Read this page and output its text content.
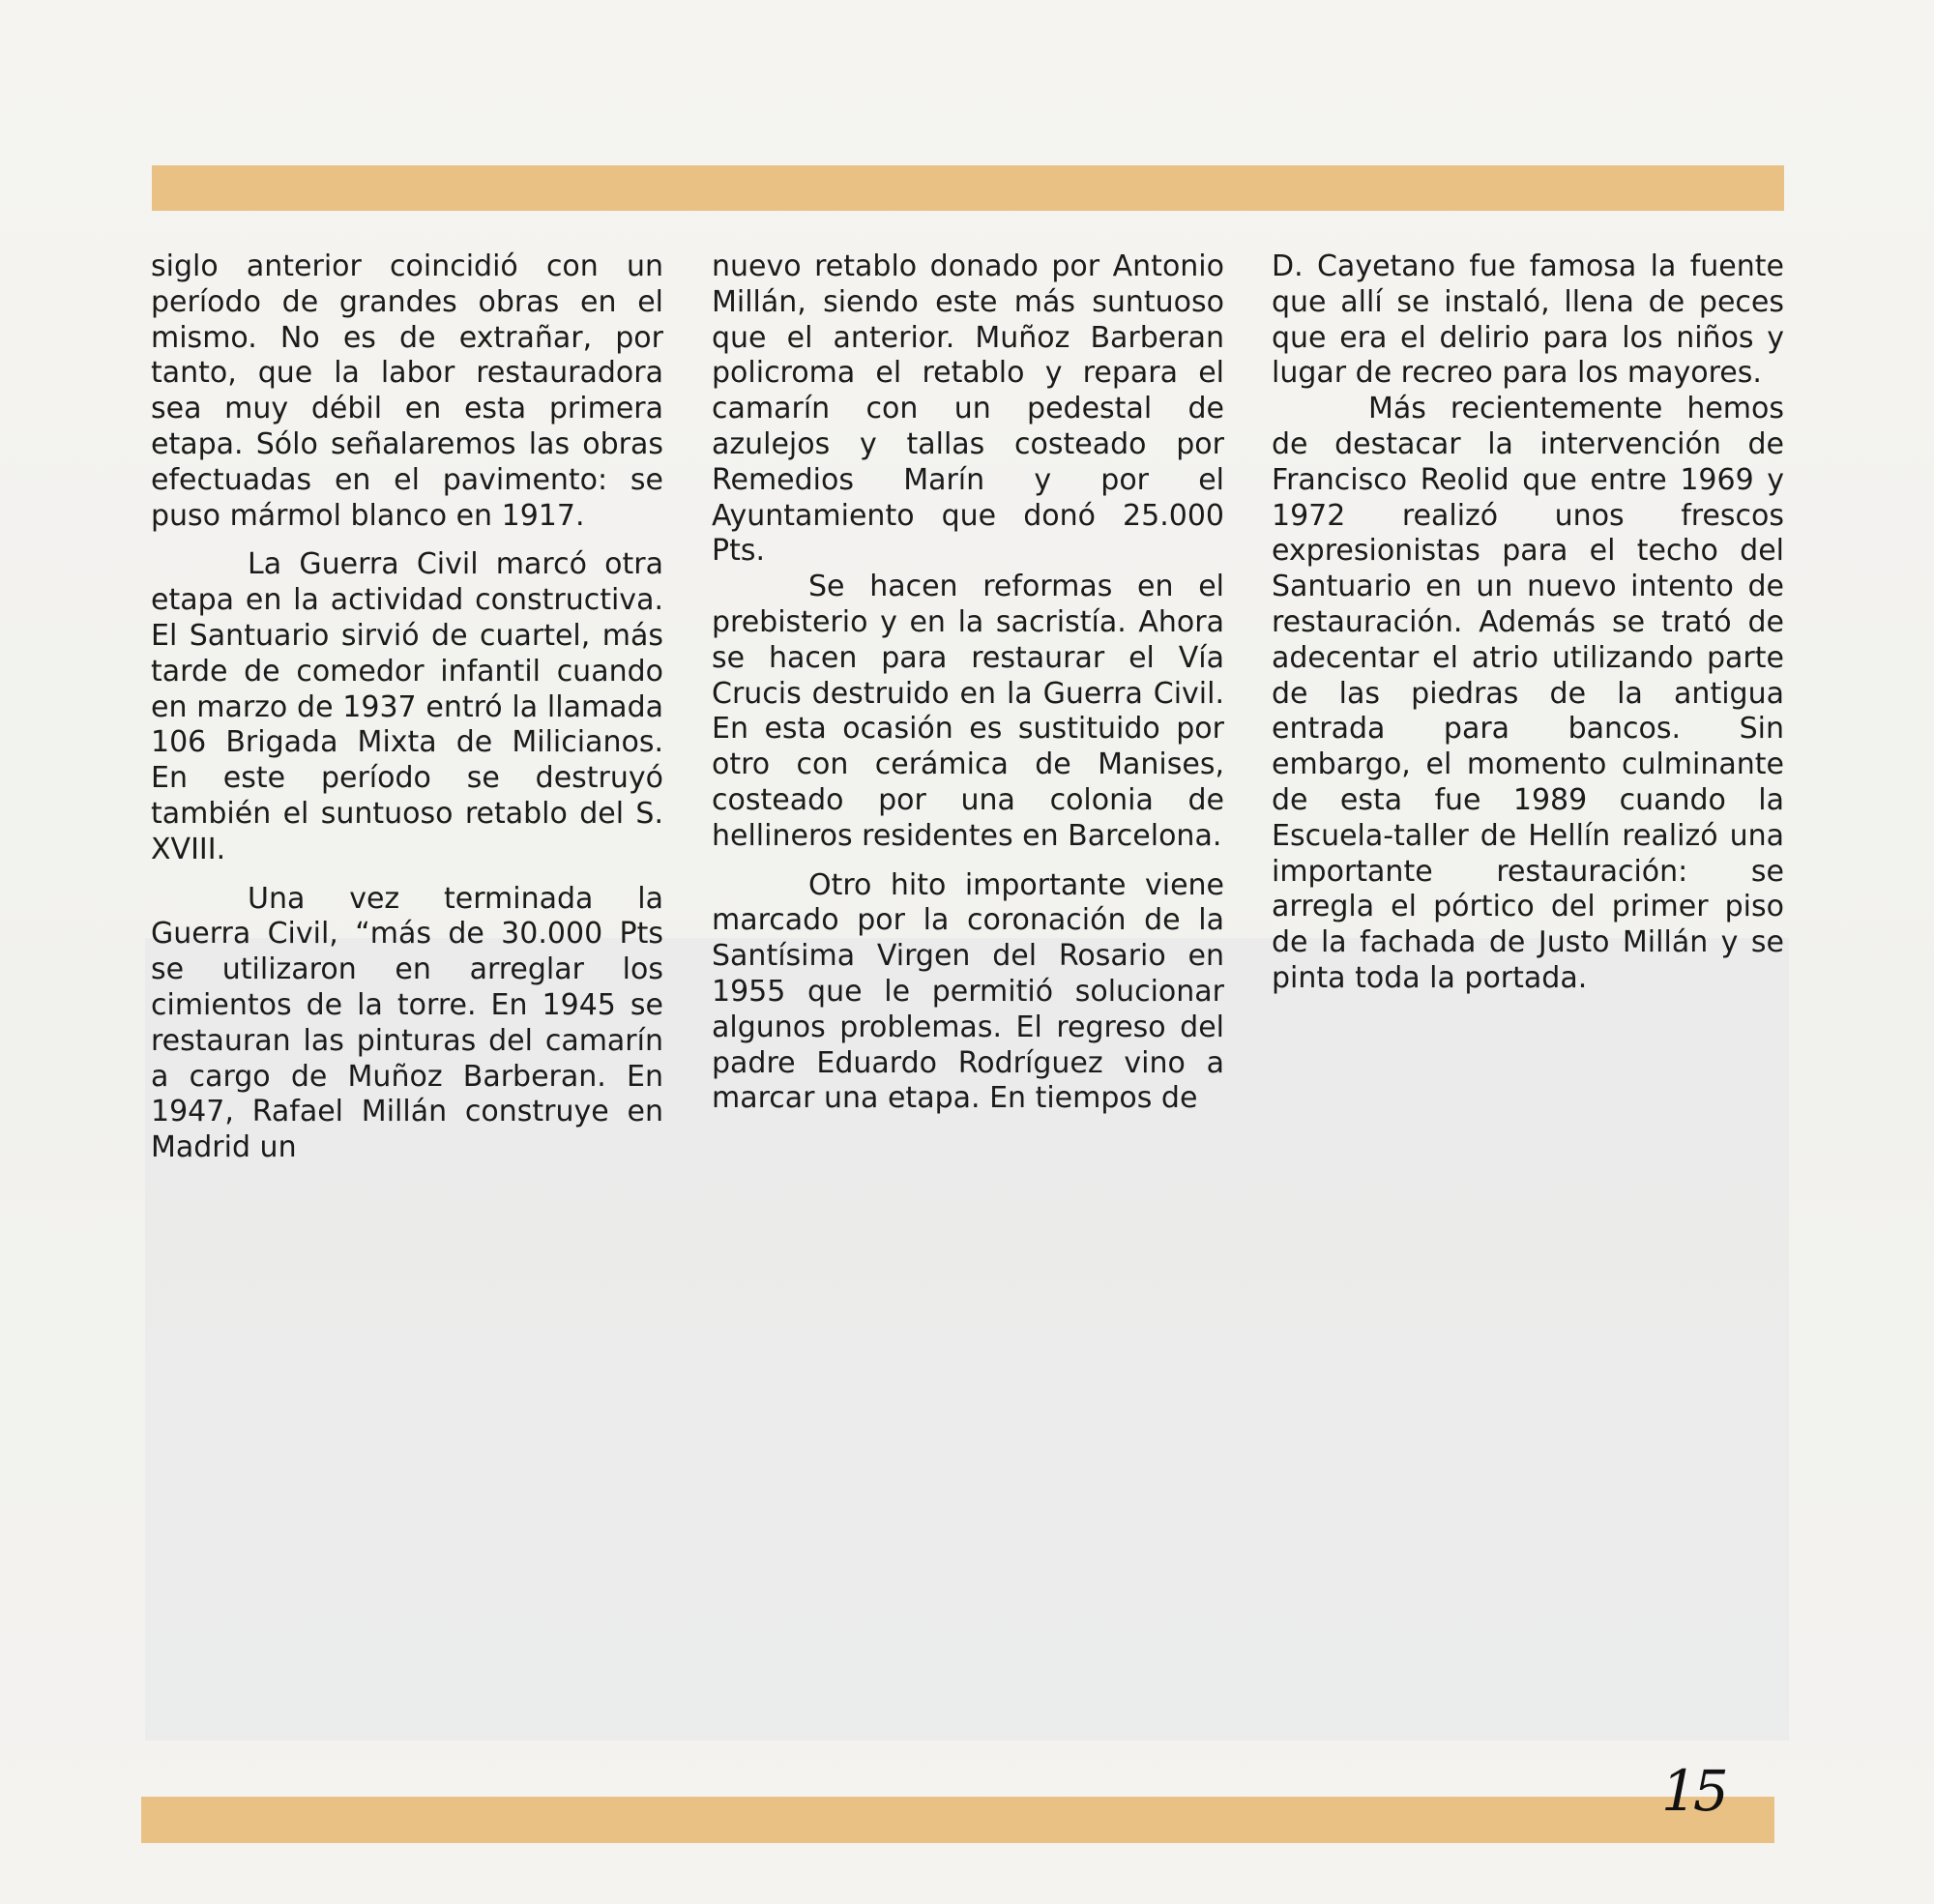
siglo anterior coincidió con un período de grandes obras en el mismo. No es de extrañar, por tanto, que la labor restauradora sea muy débil en esta primera etapa. Sólo señalaremos las obras efectuadas en el pavimento: se puso mármol blanco en 1917.

La Guerra Civil marcó otra etapa en la actividad constructiva. El Santuario sirvió de cuartel, más tarde de comedor infantil cuando en marzo de 1937 entró la llamada 106 Brigada Mixta de Milicianos. En este período se destruyó también el suntuoso retablo del S. XVIII.

Una vez terminada la Guerra Civil, “más de 30.000 Pts se utilizaron en arreglar los cimientos de la torre. En 1945 se restauran las pinturas del camarín a cargo de Muñoz Barberan. En 1947, Rafael Millán construye en Madrid un

nuevo retablo donado por Antonio Millán, siendo este más suntuoso que el anterior. Muñoz Barberan policroma el retablo y repara el camarín con un pedestal de azulejos y tallas costeado por Remedios Marín y por el Ayuntamiento que donó 25.000 Pts.

Se hacen reformas en el prebisterio y en la sacristía. Ahora se hacen para restaurar el Vía Crucis destruido en la Guerra Civil. En esta ocasión es sustituido por otro con cerámica de Manises, costeado por una colonia de hellineros residentes en Barcelona.

Otro hito importante viene marcado por la coronación de la Santísima Virgen del Rosario en 1955 que le permitió solucionar algunos problemas. El regreso del padre Eduardo Rodríguez vino a marcar una etapa. En tiempos de

D. Cayetano fue famosa la fuente que allí se instaló, llena de peces que era el delirio para los niños y lugar de recreo para los mayores.

Más recientemente hemos de destacar la intervención de Francisco Reolid que entre 1969 y 1972 realizó unos frescos expresionistas para el techo del Santuario en un nuevo intento de restauración. Además se trató de adecentar el atrio utilizando parte de las piedras de la antigua entrada para bancos. Sin embargo, el momento culminante de esta fue 1989 cuando la Escuela-taller de Hellín realizó una importante restauración: se arregla el pórtico del primer piso de la fachada de Justo Millán y se pinta toda la portada.

15
